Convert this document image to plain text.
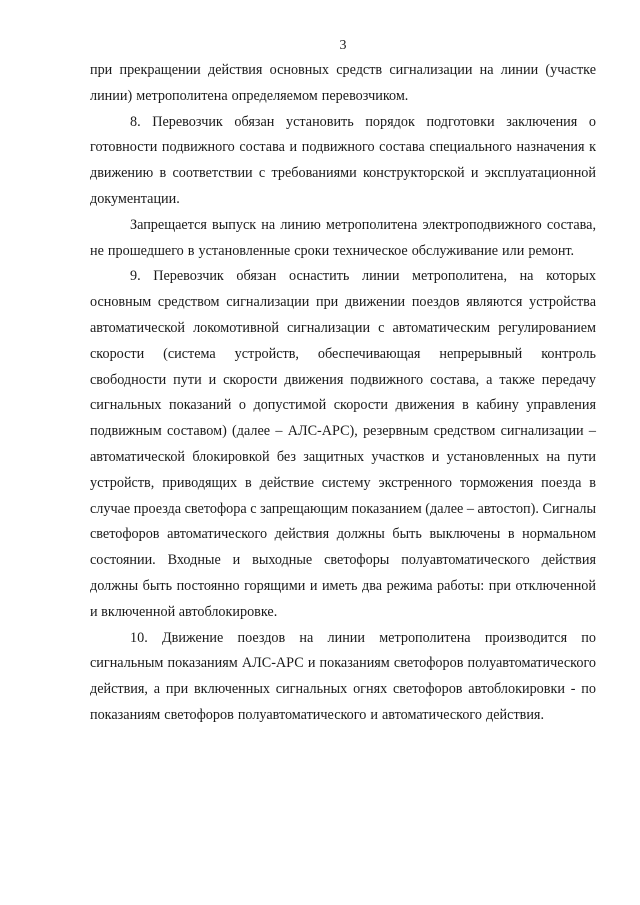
3

при прекращении действия основных средств сигнализации на линии (участке линии) метрополитена определяемом перевозчиком.

8. Перевозчик обязан установить порядок подготовки заключения о готовности подвижного состава и подвижного состава специального назначения к движению в соответствии с требованиями конструкторской и эксплуатационной документации.

Запрещается выпуск на линию метрополитена электроподвижного состава, не прошедшего в установленные сроки техническое обслуживание или ремонт.

9. Перевозчик обязан оснастить линии метрополитена, на которых основным средством сигнализации при движении поездов являются устройства автоматической локомотивной сигнализации с автоматическим регулированием скорости (система устройств, обеспечивающая непрерывный контроль свободности пути и скорости движения подвижного состава, а также передачу сигнальных показаний о допустимой скорости движения в кабину управления подвижным составом) (далее – АЛС-АРС), резервным средством сигнализации – автоматической блокировкой без защитных участков и установленных на пути устройств, приводящих в действие систему экстренного торможения поезда в случае проезда светофора с запрещающим показанием (далее – автостоп). Сигналы светофоров автоматического действия должны быть выключены в нормальном состоянии. Входные и выходные светофоры полуавтоматического действия должны быть постоянно горящими и иметь два режима работы: при отключенной и включенной автоблокировке.

10. Движение поездов на линии метрополитена производится по сигнальным показаниям АЛС-АРС и показаниям светофоров полуавтоматического действия, а при включенных сигнальных огнях светофоров автоблокировки - по показаниям светофоров полуавтоматического и автоматического действия.
